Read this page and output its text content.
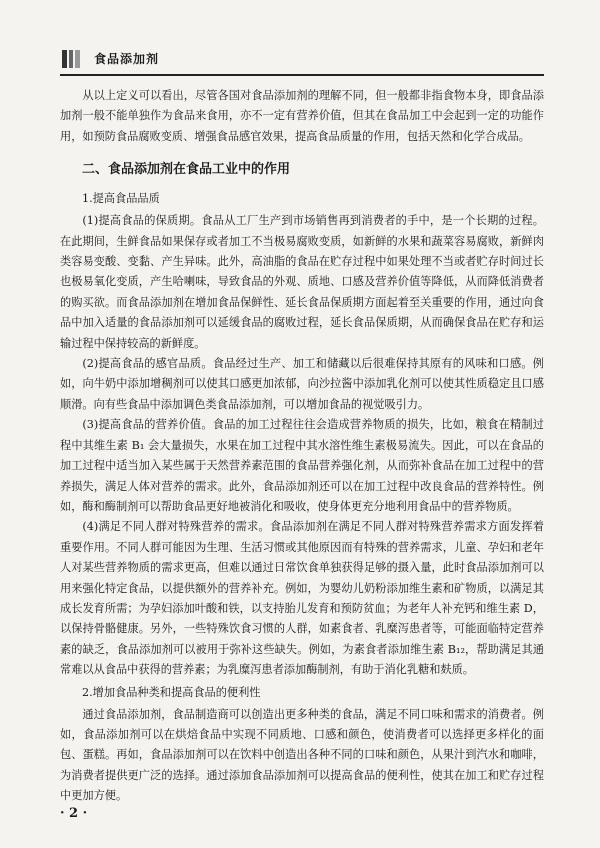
食品添加剂

从以上定义可以看出，尽管各国对食品添加剂的理解不同，但一般都非指食物本身，即食品添加剂一般不能单独作为食品来食用，亦不一定有营养价值，但其在食品加工中会起到一定的功能作用，如预防食品腐败变质、增强食品感官效果，提高食品质量的作用，包括天然和化学合成品。

二、食品添加剂在食品工业中的作用
1.提高食品品质

(1)提高食品的保质期。食品从工厂生产到市场销售再到消费者的手中，是一个长期的过程。在此期间，生鲜食品如果保存或者加工不当极易腐败变质，如新鲜的水果和蔬菜容易腐败，新鲜肉类容易变酸、变黏、产生异味。此外，高油脂的食品在贮存过程中如果处理不当或者贮存时间过长也极易氧化变质，产生哈喇味，导致食品的外观、质地、口感及营养价值等降低，从而降低消费者的购买欲。而食品添加剂在增加食品保鲜性、延长食品保质期方面起着至关重要的作用，通过向食品中加入适量的食品添加剂可以延缓食品的腐败过程，延长食品保质期，从而确保食品在贮存和运输过程中保持较高的新鲜度。

(2)提高食品的感官品质。食品经过生产、加工和储藏以后很难保持其原有的风味和口感。例如，向牛奶中添加增稠剂可以使其口感更加浓郁，向沙拉酱中添加乳化剂可以使其性质稳定且口感顺滑。向有些食品中添加调色类食品添加剂，可以增加食品的视觉吸引力。

(3)提高食品的营养价值。食品的加工过程往往会造成营养物质的损失，比如，粮食在精制过程中其维生素 B₁ 会大量损失，水果在加工过程中其水溶性维生素极易流失。因此，可以在食品的加工过程中适当加入某些属于天然营养素范围的食品营养强化剂，从而弥补食品在加工过程中的营养损失，满足人体对营养的需求。此外，食品添加剂还可以在加工过程中改良食品的营养特性。例如，酶和酶制剂可以帮助食品更好地被消化和吸收，使身体更充分地利用食品中的营养物质。

(4)满足不同人群对特殊营养的需求。食品添加剂在满足不同人群对特殊营养需求方面发挥着重要作用。不同人群可能因为生理、生活习惯或其他原因而有特殊的营养需求，儿童、孕妇和老年人对某些营养物质的需求更高，但难以通过日常饮食单独获得足够的摄入量，此时食品添加剂可以用来强化特定食品，以提供额外的营养补充。例如，为婴幼儿奶粉添加维生素和矿物质，以满足其成长发育所需；为孕妇添加叶酸和铁，以支持胎儿发育和预防贫血；为老年人补充钙和维生素 D，以保持骨骼健康。另外，一些特殊饮食习惯的人群，如素食者、乳糜泻患者等，可能面临特定营养素的缺乏，食品添加剂可以被用于弥补这些缺失。例如，为素食者添加维生素 B₁₂，帮助满足其通常难以从食品中获得的营养素；为乳糜泻患者添加酶制剂，有助于消化乳糖和麸质。

2.增加食品种类和提高食品的便利性

通过食品添加剂，食品制造商可以创造出更多种类的食品，满足不同口味和需求的消费者。例如，食品添加剂可以在烘焙食品中实现不同质地、口感和颜色，使消费者可以选择更多样化的面包、蛋糕。再如，食品添加剂可以在饮料中创造出各种不同的口味和颜色，从果汁到汽水和咖啡，为消费者提供更广泛的选择。通过添加食品添加剂可以提高食品的便利性，使其在加工和贮存过程中更加方便。

· 2 ·
